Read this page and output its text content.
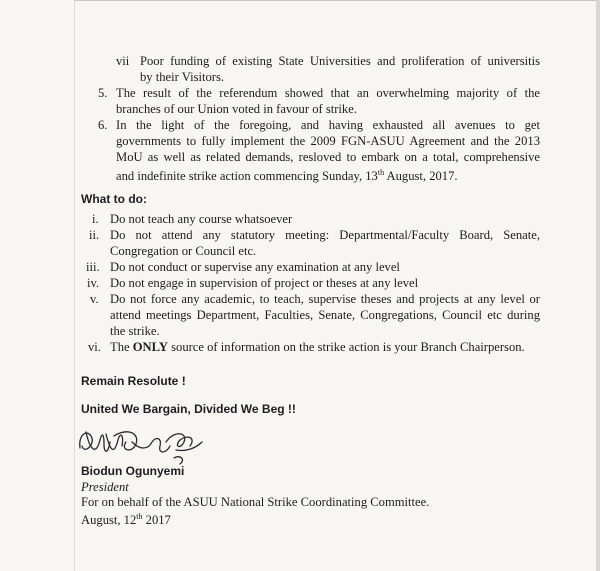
vii Poor funding of existing State Universities and proliferation of universitis
by their Visitors.
5. The result of the referendum showed that an overwhelming majority of the
branches of our Union voted in favour of strike.
6. In the light of the foregoing, and having exhausted all avenues to get
governments to fully implement the 2009 FGN-ASUU Agreement and the 2013
MoU as well as related demands, resloved to embark on a total, comprehensive
and indefinite strike action commencing Sunday, 13th August, 2017.
What to do:
i. Do not teach any course whatsoever
ii. Do not attend any statutory meeting: Departmental/Faculty Board, Senate,
Congregation or Council etc.
iii. Do not conduct or supervise any examination at any level
iv. Do not engage in supervision of project or theses at any level
v. Do not force any academic, to teach, supervise theses and projects at any level or
attend meetings Department, Faculties, Senate, Congregations, Council etc during
the strike.
vi. The ONLY source of information on the strike action is your Branch Chairperson.
Remain Resolute !
United We Bargain, Divided We Beg !!
Biodun Ogunyemi
President
For on behalf of the ASUU National Strike Coordinating Committee.
August, 12th 2017
